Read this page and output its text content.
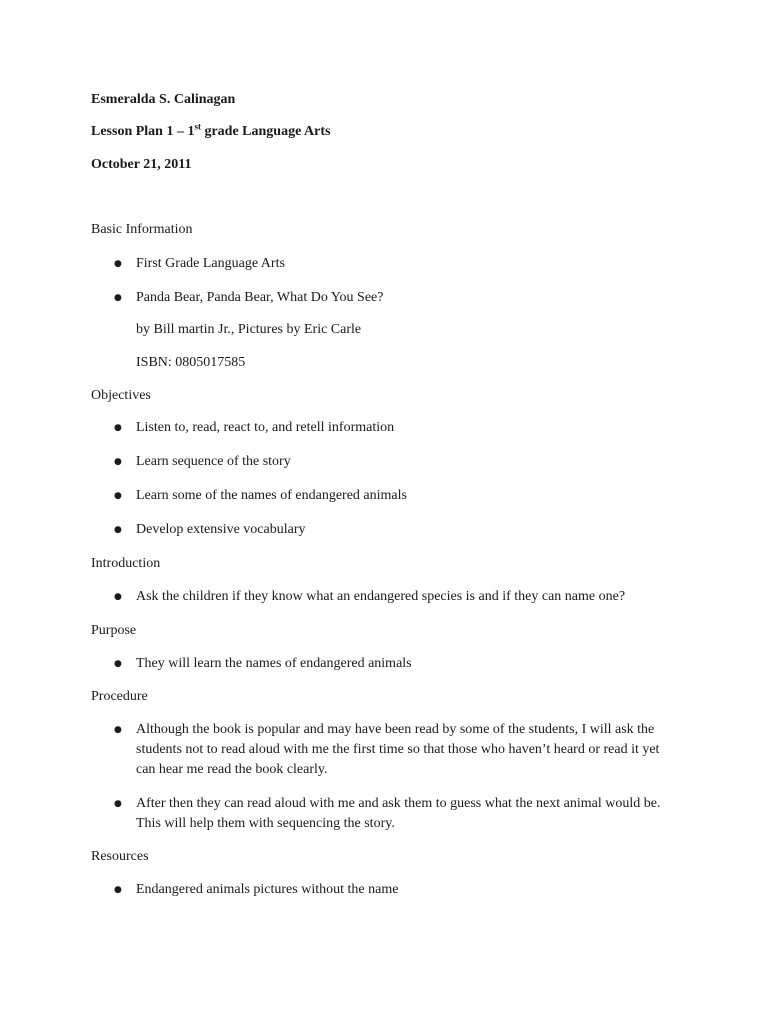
Esmeralda S. Calinagan
Lesson Plan 1 – 1st grade Language Arts
October 21, 2011
Basic Information
●	First Grade Language Arts
●	Panda Bear, Panda Bear, What Do You See?
by Bill martin Jr., Pictures by Eric Carle
ISBN: 0805017585
Objectives
●	Listen to, read, react to, and retell information
●	Learn sequence of the story
●	Learn some of the names of endangered animals
●	Develop extensive vocabulary
Introduction
●	Ask the children if they know what an endangered species is and if they can name one?
Purpose
●	They will learn the names of endangered animals
Procedure
●	Although the book is popular and may have been read by some of the students, I will ask the students not to read aloud with me the first time so that those who haven’t heard or read it yet can hear me read the book clearly.
●	After then they can read aloud with me and ask them to guess what the next animal would be. This will help them with sequencing the story.
Resources
●	Endangered animals pictures without the name
